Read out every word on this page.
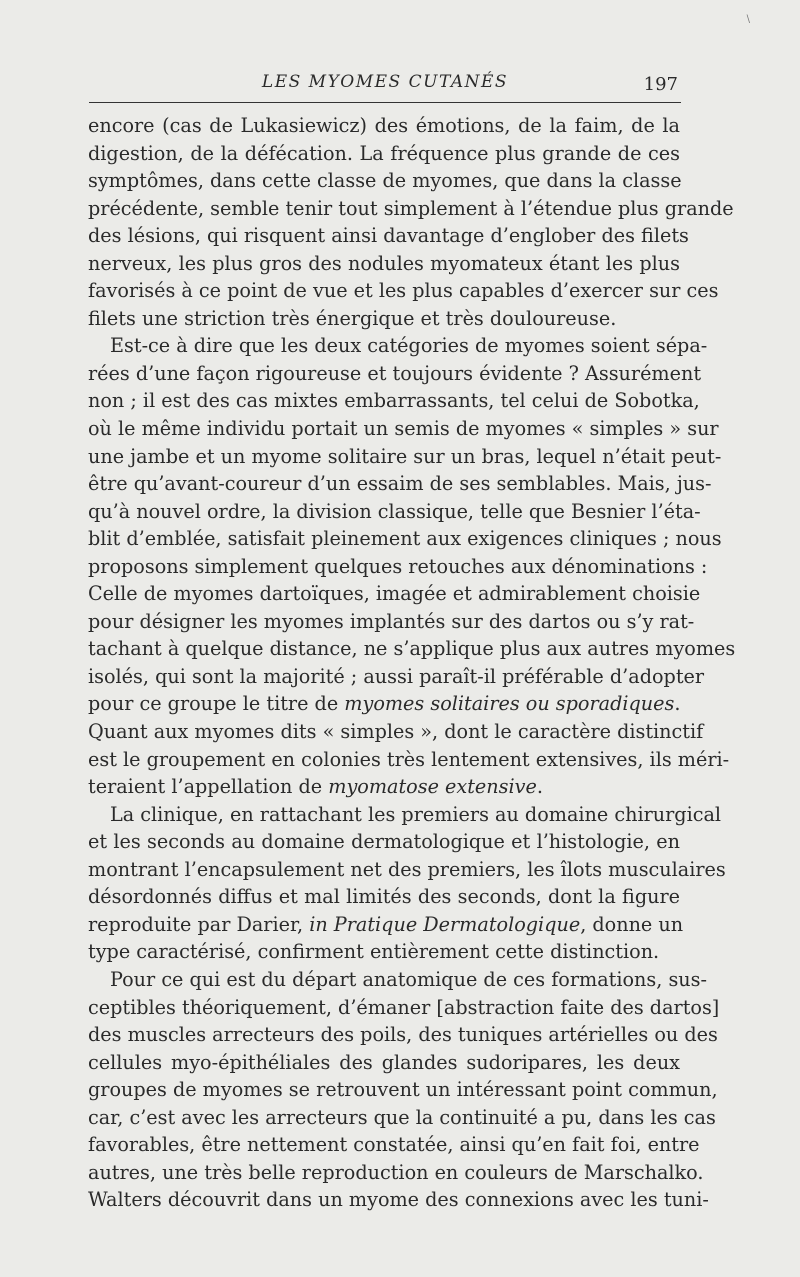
\
LES MYOMES CUTANÉS	197
encore (cas de Lukasiewicz) des émotions, de la faim, de la
digestion, de la défécation. La fréquence plus grande de ces
symptômes, dans cette classe de myomes, que dans la classe
précédente, semble tenir tout simplement à l’étendue plus grande
des lésions, qui risquent ainsi davantage d’englober des filets
nerveux, les plus gros des nodules myomateux étant les plus
favorisés à ce point de vue et les plus capables d’exercer sur ces
filets une striction très énergique et très douloureuse.
Est-ce à dire que les deux catégories de myomes soient sépa-
rées d’une façon rigoureuse et toujours évidente ? Assurément
non ; il est des cas mixtes embarrassants, tel celui de Sobotka,
où le même individu portait un semis de myomes « simples » sur
une jambe et un myome solitaire sur un bras, lequel n’était peut-
être qu’avant-coureur d’un essaim de ses semblables. Mais, jus-
qu’à nouvel ordre, la division classique, telle que Besnier l’éta-
blit d’emblée, satisfait pleinement aux exigences cliniques ; nous
proposons simplement quelques retouches aux dénominations :
Celle de myomes dartoïques, imagée et admirablement choisie
pour désigner les myomes implantés sur des dartos ou s’y rat-
tachant à quelque distance, ne s’applique plus aux autres myomes
isolés, qui sont la majorité ; aussi paraît-il préférable d’adopter
pour ce groupe le titre de myomes solitaires ou sporadiques.
Quant aux myomes dits « simples », dont le caractère distinctif
est le groupement en colonies très lentement extensives, ils méri-
teraient l’appellation de myomatose extensive.
La clinique, en rattachant les premiers au domaine chirurgical
et les seconds au domaine dermatologique et l’histologie, en
montrant l’encapsulement net des premiers, les îlots musculaires
désordonnés diffus et mal limités des seconds, dont la figure
reproduite par Darier, in Pratique Dermatologique, donne un
type caractérisé, confirment entièrement cette distinction.
Pour ce qui est du départ anatomique de ces formations, sus-
ceptibles théoriquement, d’émaner [abstraction faite des dartos]
des muscles arrecteurs des poils, des tuniques artérielles ou des
cellules myo-épithéliales des glandes sudoripares, les deux
groupes de myomes se retrouvent un intéressant point commun,
car, c’est avec les arrecteurs que la continuité a pu, dans les cas
favorables, être nettement constatée, ainsi qu’en fait foi, entre
autres, une très belle reproduction en couleurs de Marschalko.
Walters découvrit dans un myome des connexions avec les tuni-
